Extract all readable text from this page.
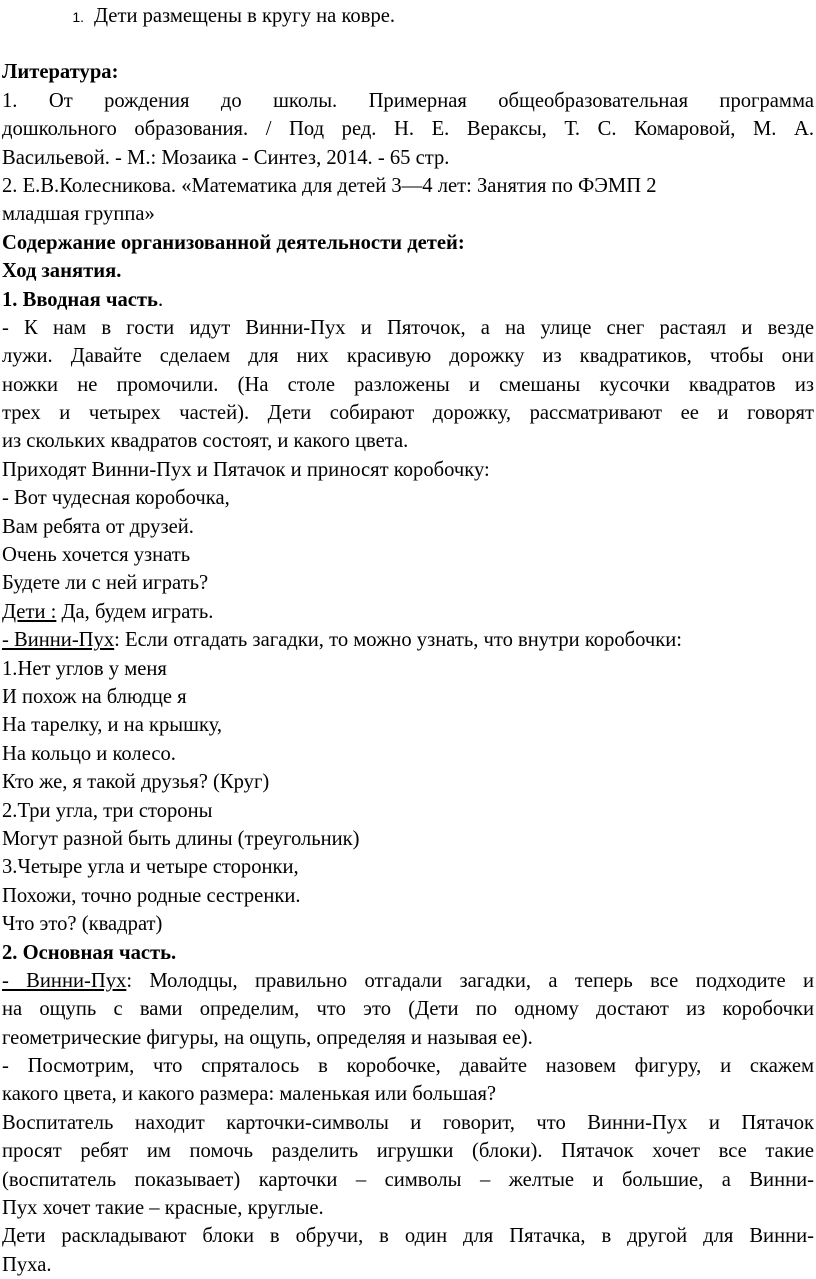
1. Дети размещены в кругу на ковре.
Литература:
1. От рождения до школы. Примерная общеобразовательная программа
дошкольного образования. / Под ред. Н. Е. Вераксы, Т. С. Комаровой, М. А.
Васильевой. - М.: Мозаика - Синтез, 2014. - 65 стр.
2. Е.В.Колесникова. «Математика для детей 3—4 лет: Занятия по ФЭМП 2
младшая группа»
Содержание организованной деятельности детей:
Ход занятия.
1. Вводная часть.
- К нам в гости идут Винни-Пух и Пяточок, а на улице снег растаял и везде
лужи. Давайте сделаем для них красивую дорожку из квадратиков, чтобы они
ножки не промочили. (На столе разложены и смешаны кусочки квадратов из
трех и четырех частей). Дети собирают дорожку, рассматривают ее и говорят
из скольких квадратов состоят, и какого цвета.
Приходят Винни-Пух и Пятачок и приносят коробочку:
- Вот чудесная коробочка,
Вам ребята от друзей.
Очень хочется узнать
Будете ли с ней играть?
Дети : Да, будем играть.
- Винни-Пух: Если отгадать загадки, то можно узнать, что внутри коробочки:
1.Нет углов у меня
И похож на блюдце я
На тарелку, и на крышку,
На кольцо и колесо.
Кто же, я такой друзья? (Круг)
2.Три угла, три стороны
Могут разной быть длины (треугольник)
3.Четыре угла и четыре сторонки,
Похожи, точно родные сестренки.
Что это? (квадрат)
2. Основная часть.
- Винни-Пух: Молодцы, правильно отгадали загадки, а теперь все подходите и
на ощупь с вами определим, что это (Дети по одному достают из коробочки
геометрические фигуры, на ощупь, определяя и называя ее).
- Посмотрим, что спряталось в коробочке, давайте назовем фигуру, и скажем
какого цвета, и какого размера: маленькая или большая?
Воспитатель находит карточки-символы и говорит, что Винни-Пух и Пятачок
просят ребят им помочь разделить игрушки (блоки). Пятачок хочет все такие
(воспитатель показывает) карточки – символы – желтые и большие, а Винни-
Пух хочет такие – красные, круглые.
Дети раскладывают блоки в обручи, в один для Пятачка, в другой для Винни-
Пуха.
